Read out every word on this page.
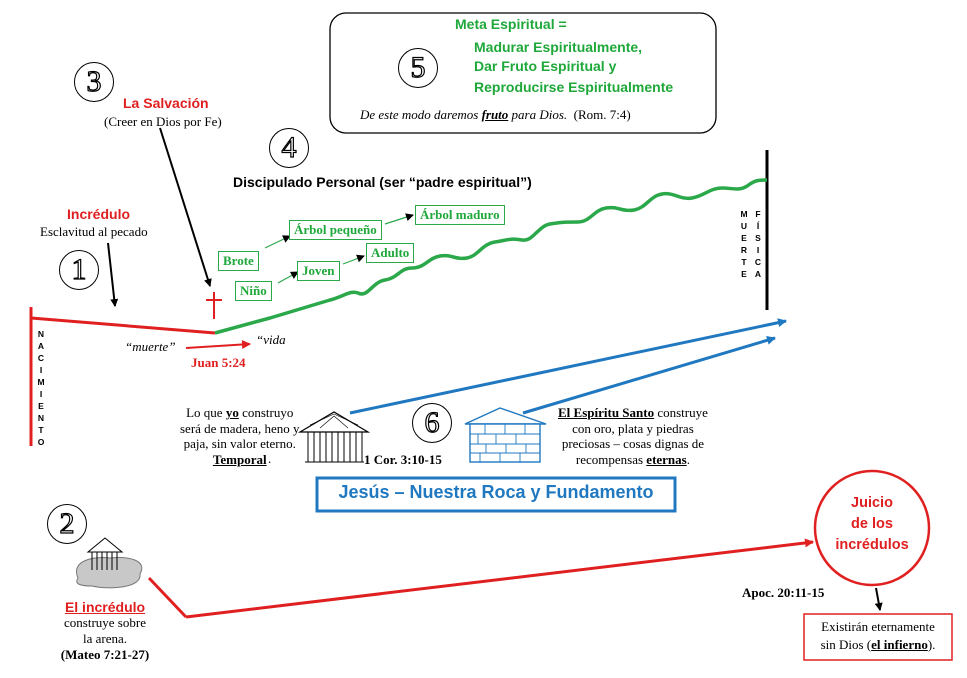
5
Meta Espiritual =
Madurar Espiritualmente,
Dar Fruto Espiritual y
Reproducirse Espiritualmente
De este modo daremos fruto para Dios. (Rom. 7:4)
3
La Salvación
(Creer en Dios por Fe)
4
Discipulado Personal (ser “padre espiritual”)
Incrédulo
Esclavitud al pecado
1
N
A
C
I
M
I
E
N
T
O
M
U
E
R
T
E
F
Í
S
I
C
A
Brote
Árbol pequeño
Árbol maduro
Niño
Joven
Adulto
“muerte”	“vida
Juan 5:24
Lo que yo construyo
será de madera, heno y
paja, sin valor eterno.
Temporal .
6
1 Cor. 3:10-15
El Espíritu Santo construye
con oro, plata y piedras
preciosas – cosas dignas de
recompensas eternas.
Jesús – Nuestra Roca y Fundamento
2
El incrédulo
construye sobre
la arena.
(Mateo 7:21-27)
Juicio
de los
incrédulos
Apoc. 20:11-15
Existirán eternamente
sin Dios (el infierno).
